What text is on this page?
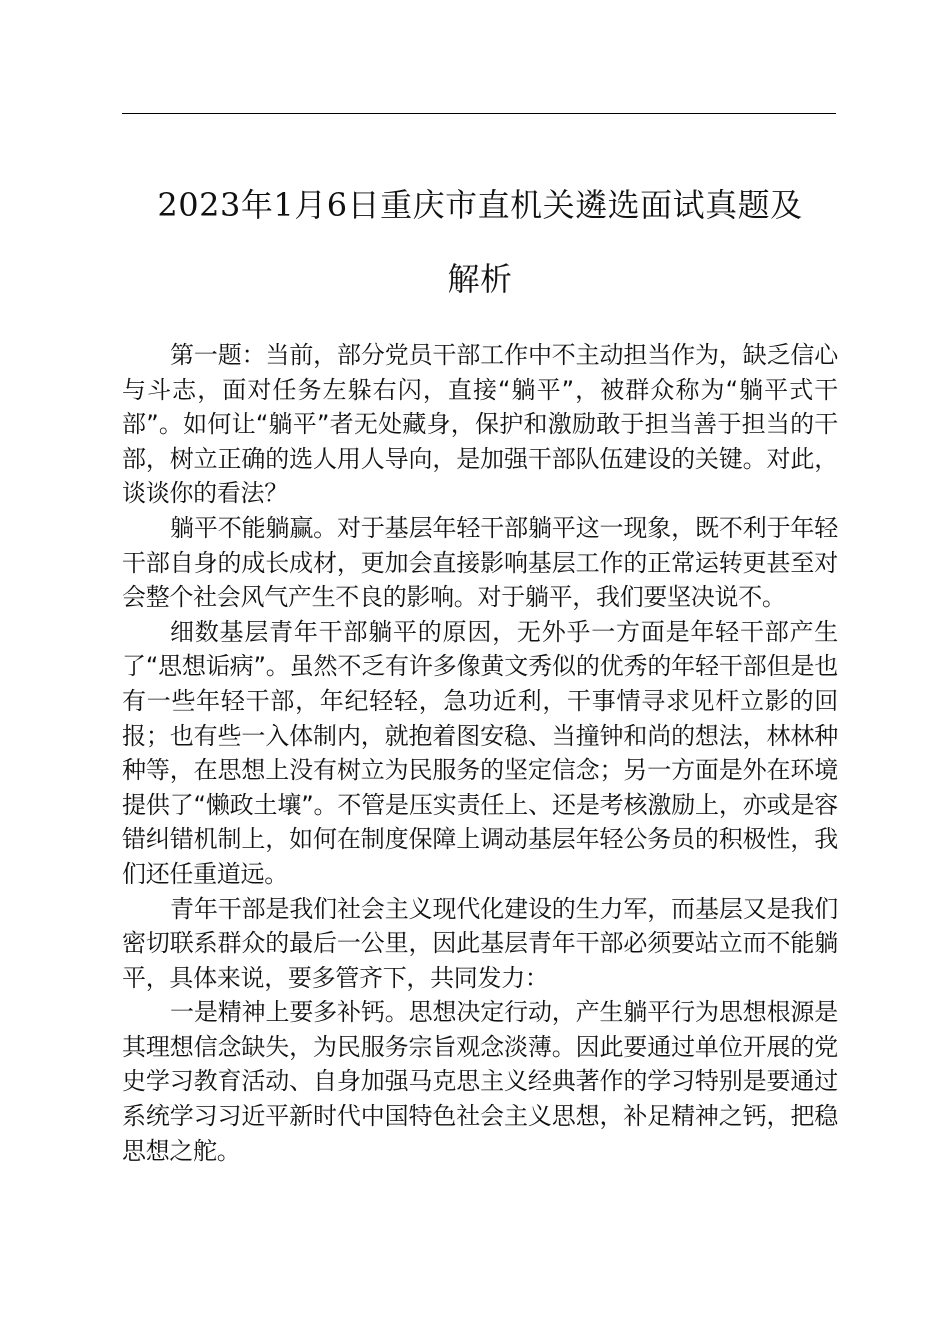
2023年1月6日重庆市直机关遴选面试真题及
解析

第一题：当前，部分党员干部工作中不主动担当作为，缺乏信心与斗志，面对任务左躲右闪，直接“躺平”，被群众称为“躺平式干部”。如何让“躺平”者无处藏身，保护和激励敢于担当善于担当的干部，树立正确的选人用人导向，是加强干部队伍建设的关键。对此，谈谈你的看法？

躺平不能躺赢。对于基层年轻干部躺平这一现象，既不利于年轻干部自身的成长成材，更加会直接影响基层工作的正常运转更甚至对会整个社会风气产生不良的影响。对于躺平，我们要坚决说不。

细数基层青年干部躺平的原因，无外乎一方面是年轻干部产生了“思想诟病”。虽然不乏有许多像黄文秀似的优秀的年轻干部但是也有一些年轻干部，年纪轻轻，急功近利，干事情寻求见杆立影的回报；也有些一入体制内，就抱着图安稳、当撞钟和尚的想法，林林种种等，在思想上没有树立为民服务的坚定信念；另一方面是外在环境提供了“懒政土壤”。不管是压实责任上、还是考核激励上，亦或是容错纠错机制上，如何在制度保障上调动基层年轻公务员的积极性，我们还任重道远。

青年干部是我们社会主义现代化建设的生力军，而基层又是我们密切联系群众的最后一公里，因此基层青年干部必须要站立而不能躺平，具体来说，要多管齐下，共同发力：

一是精神上要多补钙。思想决定行动，产生躺平行为思想根源是其理想信念缺失，为民服务宗旨观念淡薄。因此要通过单位开展的党史学习教育活动、自身加强马克思主义经典著作的学习特别是要通过系统学习习近平新时代中国特色社会主义思想，补足精神之钙，把稳思想之舵。
